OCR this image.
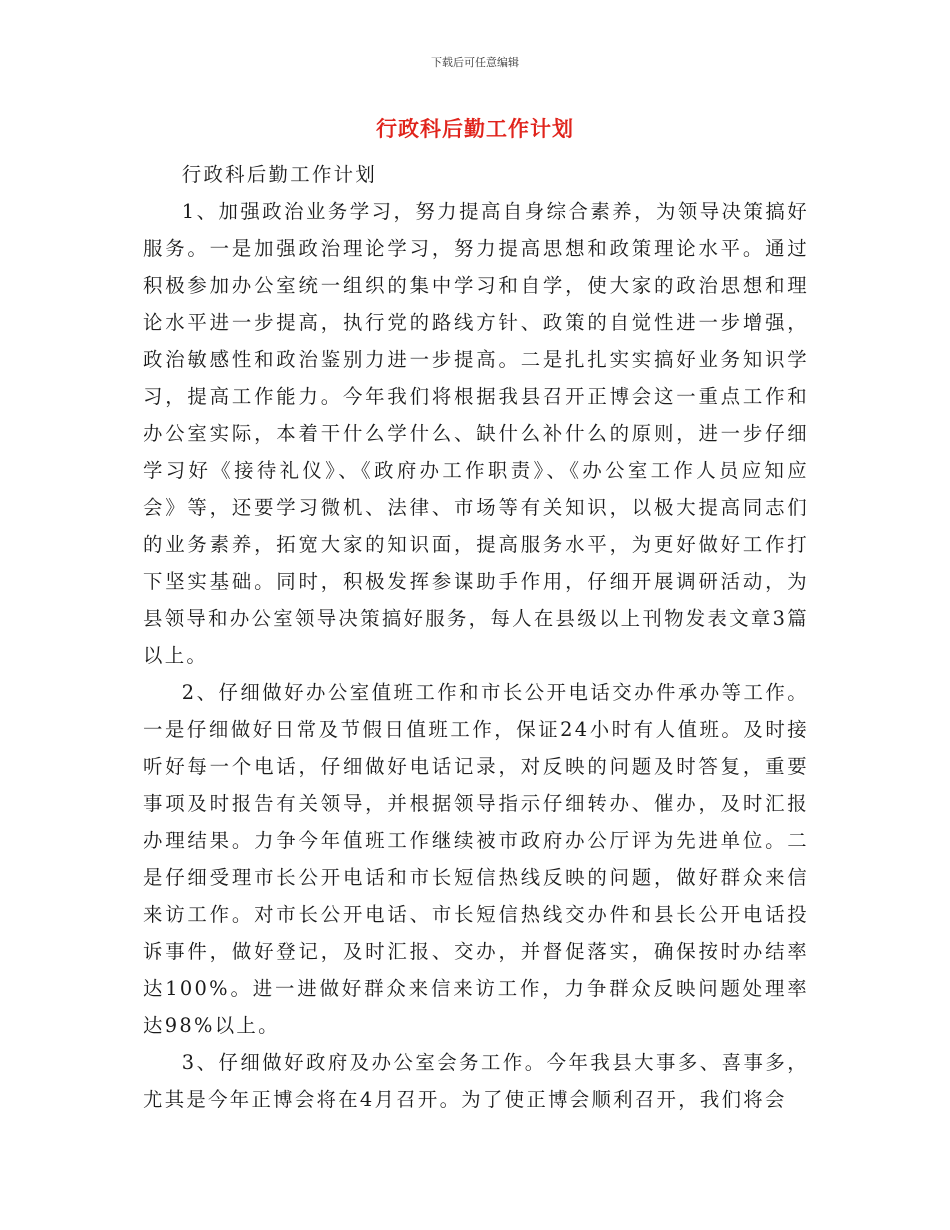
下载后可任意编辑
行政科后勤工作计划

行政科后勤工作计划

1、加强政治业务学习，努力提高自身综合素养，为领导决策搞好服务。一是加强政治理论学习，努力提高思想和政策理论水平。通过积极参加办公室统一组织的集中学习和自学，使大家的政治思想和理论水平进一步提高，执行党的路线方针、政策的自觉性进一步增强，政治敏感性和政治鉴别力进一步提高。二是扎扎实实搞好业务知识学习，提高工作能力。今年我们将根据我县召开正博会这一重点工作和办公室实际，本着干什么学什么、缺什么补什么的原则，进一步仔细学习好《接待礼仪》、《政府办工作职责》、《办公室工作人员应知应会》等，还要学习微机、法律、市场等有关知识，以极大提高同志们的业务素养，拓宽大家的知识面，提高服务水平，为更好做好工作打下坚实基础。同时，积极发挥参谋助手作用，仔细开展调研活动，为县领导和办公室领导决策搞好服务，每人在县级以上刊物发表文章3篇以上。

2、仔细做好办公室值班工作和市长公开电话交办件承办等工作。一是仔细做好日常及节假日值班工作，保证24小时有人值班。及时接听好每一个电话，仔细做好电话记录，对反映的问题及时答复，重要事项及时报告有关领导，并根据领导指示仔细转办、催办，及时汇报办理结果。力争今年值班工作继续被市政府办公厅评为先进单位。二是仔细受理市长公开电话和市长短信热线反映的问题，做好群众来信来访工作。对市长公开电话、市长短信热线交办件和县长公开电话投诉事件，做好登记，及时汇报、交办，并督促落实，确保按时办结率达100%。进一进做好群众来信来访工作，力争群众反映问题处理率达98%以上。

3、仔细做好政府及办公室会务工作。今年我县大事多、喜事多，尤其是今年正博会将在4月召开。为了使正博会顺利召开，我们将会
